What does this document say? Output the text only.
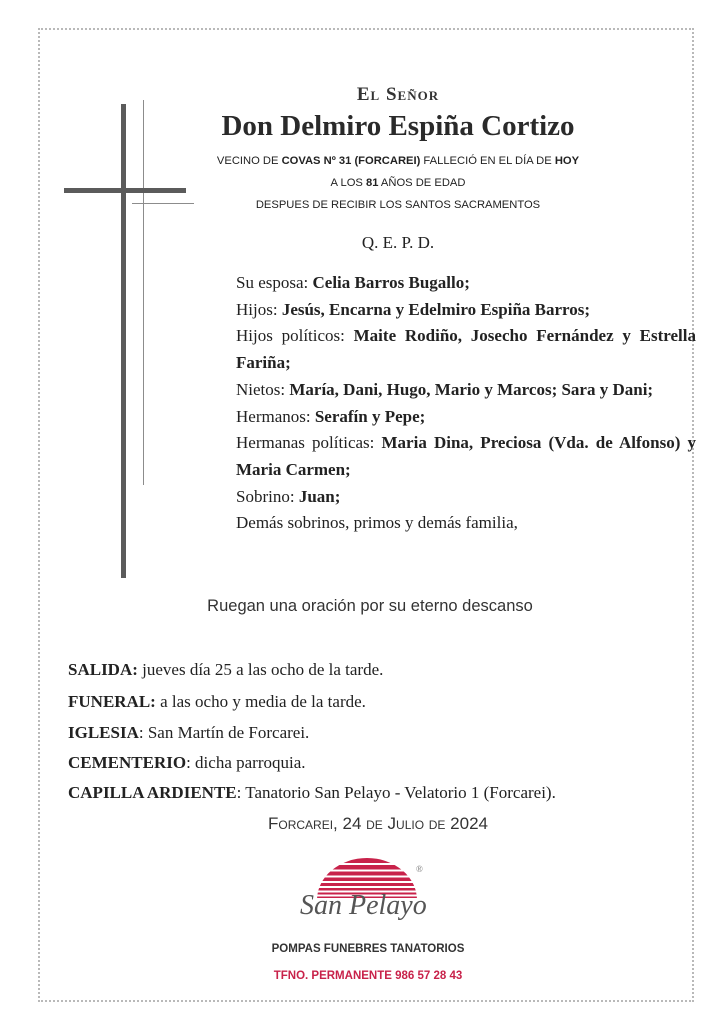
El Señor
Don Delmiro Espiña Cortizo
VECINO DE COVAS Nº 31 (FORCAREI) FALLECIÓ EN EL DÍA DE HOY
A LOS 81 AÑOS DE EDAD
DESPUES DE RECIBIR LOS SANTOS SACRAMENTOS
Q. E. P. D.
Su esposa: Celia Barros Bugallo;
Hijos: Jesús, Encarna y Edelmiro Espiña Barros;
Hijos políticos: Maite Rodiño, Josecho Fernández y Estrella Fariña;
Nietos: María, Dani, Hugo, Mario y Marcos; Sara y Dani;
Hermanos: Serafín y Pepe;
Hermanas políticas: Maria Dina, Preciosa (Vda. de Alfonso) y Maria Carmen;
Sobrino: Juan;
Demás sobrinos, primos y demás familia,
Ruegan una oración por su eterno descanso
SALIDA: jueves día 25 a las ocho de la tarde.
FUNERAL: a las ocho y media de la tarde.
IGLESIA: San Martín de Forcarei.
CEMENTERIO: dicha parroquia.
CAPILLA ARDIENTE: Tanatorio San Pelayo - Velatorio 1 (Forcarei).
Forcarei, 24 de Julio de 2024
®
San Pelayo
POMPAS FUNEBRES TANATORIOS
TFNO. PERMANENTE 986 57 28 43
